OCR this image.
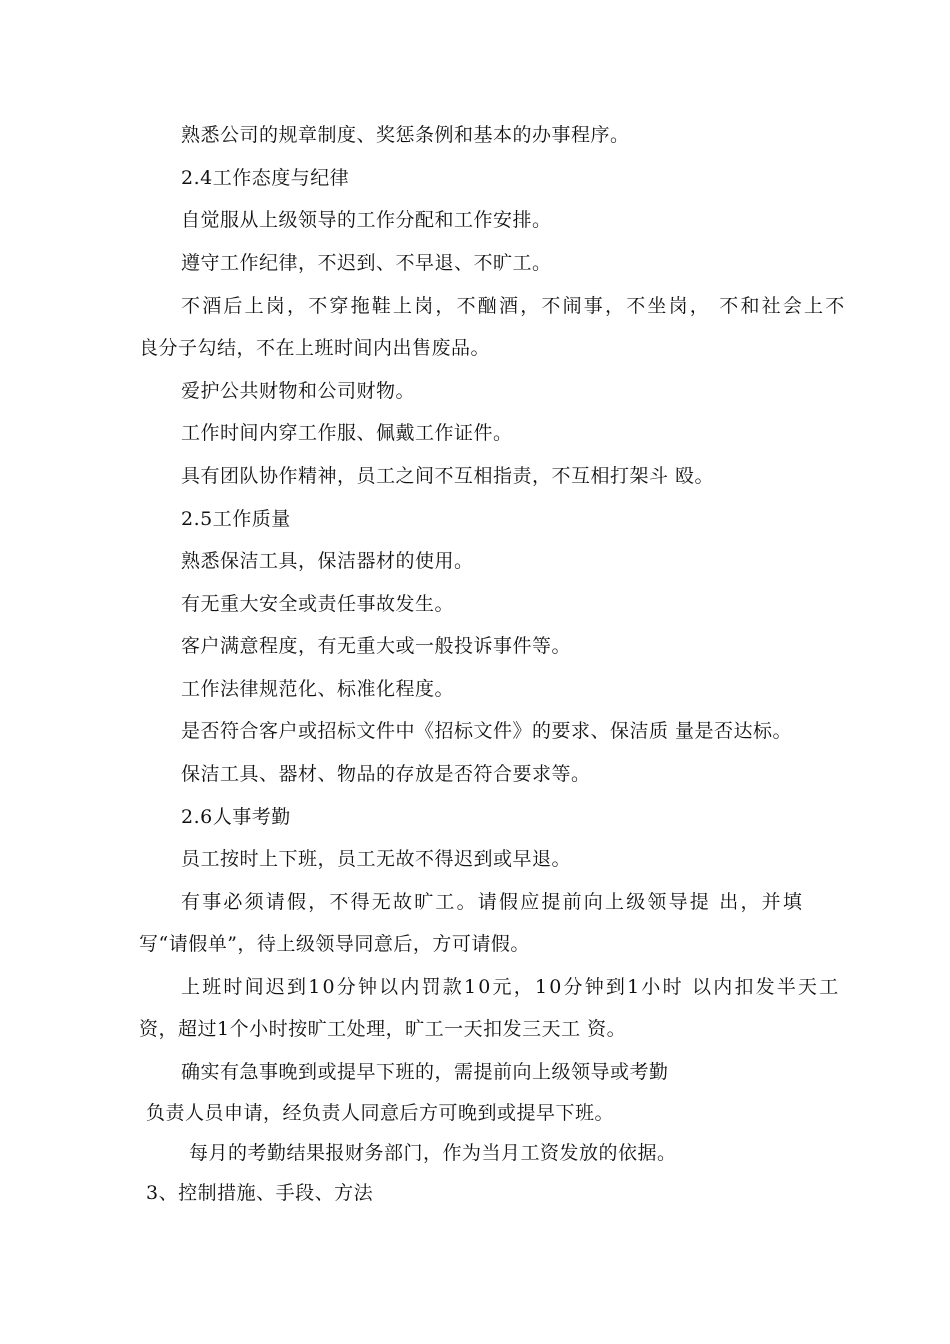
熟悉公司的规章制度、奖惩条例和基本的办事程序。
2.4工作态度与纪律
自觉服从上级领导的工作分配和工作安排。
遵守工作纪律，不迟到、不早退、不旷工。
不酒后上岗，不穿拖鞋上岗，不酗酒，不闹事，不坐岗， 不和社会上不
良分子勾结，不在上班时间内出售废品。
爱护公共财物和公司财物。
工作时间内穿工作服、佩戴工作证件。
具有团队协作精神，员工之间不互相指责，不互相打架斗 殴。
2.5工作质量
熟悉保洁工具，保洁器材的使用。
有无重大安全或责任事故发生。
客户满意程度，有无重大或一般投诉事件等。
工作法律规范化、标准化程度。
是否符合客户或招标文件中《招标文件》的要求、保洁质 量是否达标。
保洁工具、器材、物品的存放是否符合要求等。
2.6人事考勤
员工按时上下班，员工无故不得迟到或早退。
有事必须请假，不得无故旷工。请假应提前向上级领导提 出，并填
写“请假单”，待上级领导同意后，方可请假。
上班时间迟到10分钟以内罚款10元，10分钟到1小时 以内扣发半天工
资，超过1个小时按旷工处理，旷工一天扣发三天工 资。
确实有急事晚到或提早下班的，需提前向上级领导或考勤
负责人员申请，经负责人同意后方可晚到或提早下班。
每月的考勤结果报财务部门，作为当月工资发放的依据。
3、控制措施、手段、方法
